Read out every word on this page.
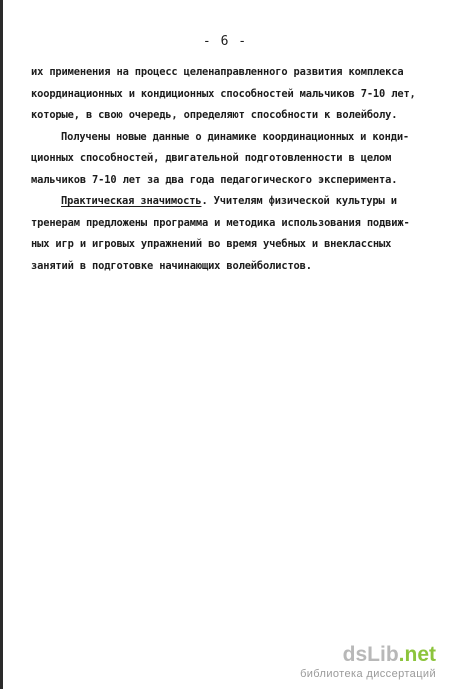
- 6 -
их применения на процесс целенаправленного развития комплекса
координационных и кондиционных способностей мальчиков 7-10 лет,
которые, в свою очередь, определяют способности к волейболу.
Получены новые данные о динамике координационных и конди-
ционных способностей, двигательной подготовленности в целом
мальчиков 7-10 лет за два года педагогического эксперимента.
Практическая значимость. Учителям физической культуры и
тренерам предложены программа и методика использования подвиж-
ных игр и игровых упражнений во время учебных и внеклассных
занятий в подготовке начинающих волейболистов.
dsLib.net
библиотека диссертаций
